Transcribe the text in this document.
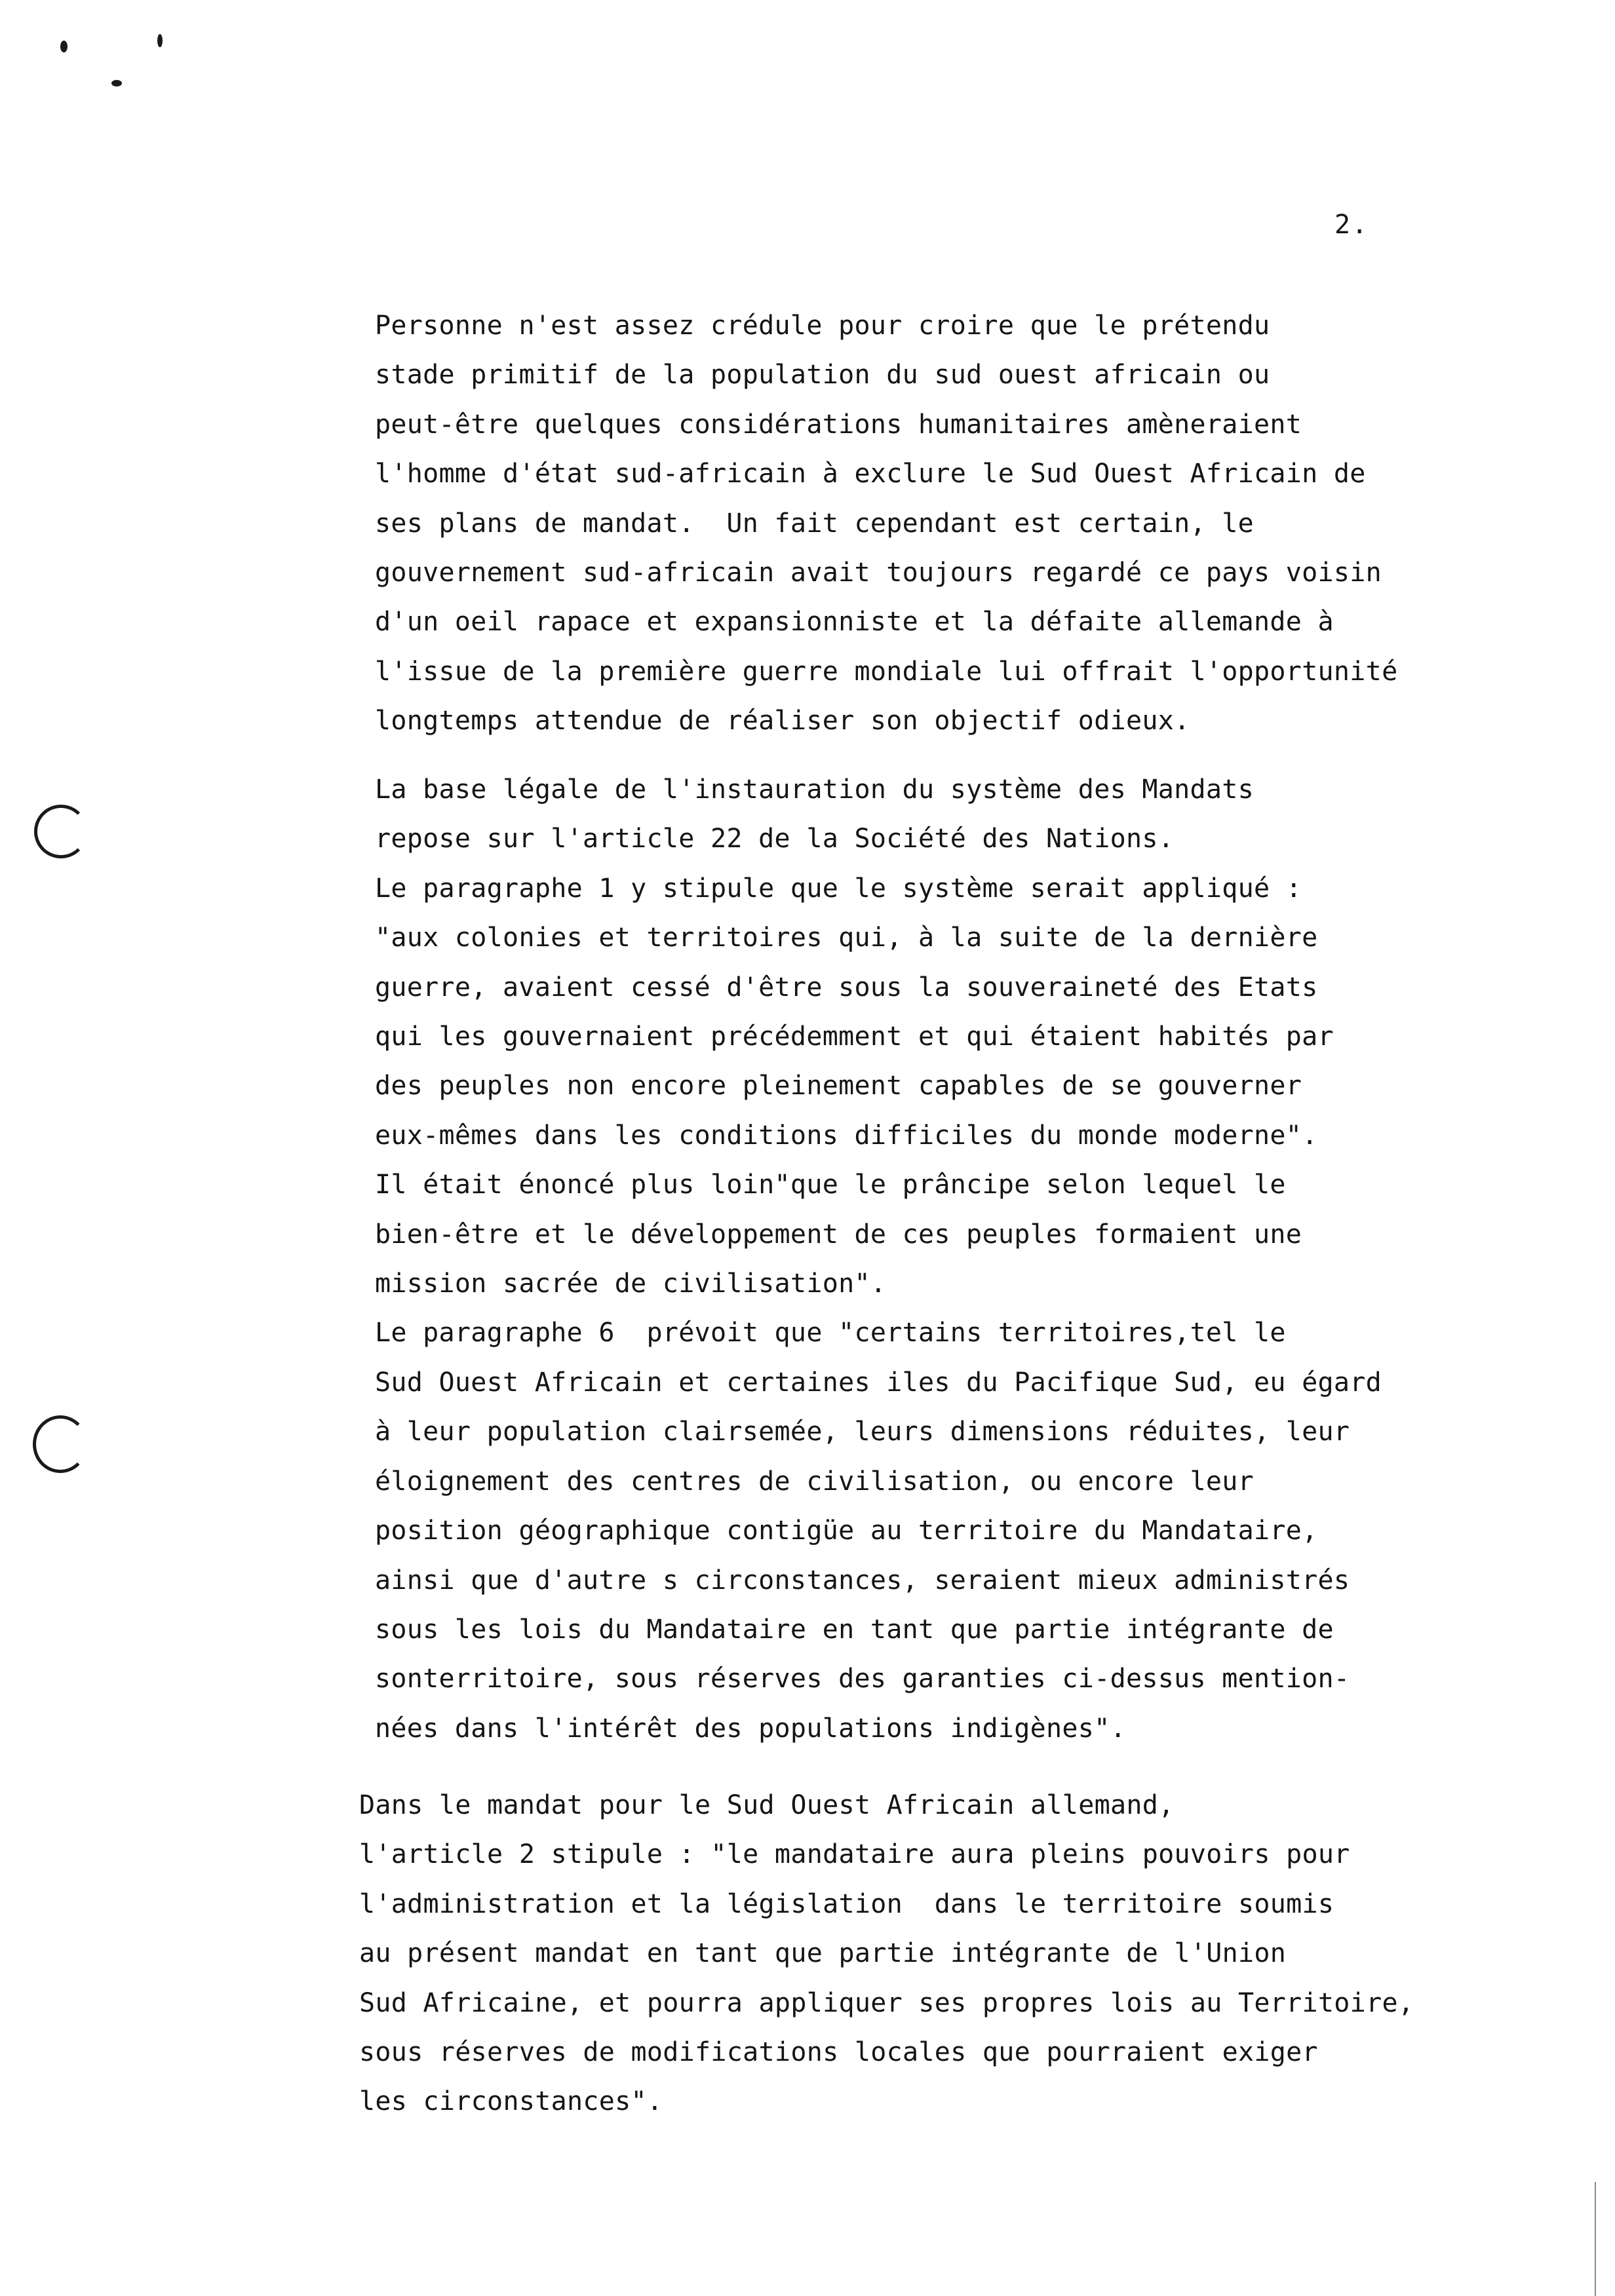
2.
Personne n'est assez crédule pour croire que le prétendu
stade primitif de la population du sud ouest africain ou
peut-être quelques considérations humanitaires amèneraient
l'homme d'état sud-africain à exclure le Sud Ouest Africain de
ses plans de mandat.  Un fait cependant est certain, le
gouvernement sud-africain avait toujours regardé ce pays voisin
d'un oeil rapace et expansionniste et la défaite allemande à
l'issue de la première guerre mondiale lui offrait l'opportunité
longtemps attendue de réaliser son objectif odieux.
La base légale de l'instauration du système des Mandats
repose sur l'article 22 de la Société des Nations.
Le paragraphe 1 y stipule que le système serait appliqué :
"aux colonies et territoires qui, à la suite de la dernière
guerre, avaient cessé d'être sous la souveraineté des Etats
qui les gouvernaient précédemment et qui étaient habités par
des peuples non encore pleinement capables de se gouverner
eux-mêmes dans les conditions difficiles du monde moderne".
Il était énoncé plus loin"que le prâncipe selon lequel le
bien-être et le développement de ces peuples formaient une
mission sacrée de civilisation".
Le paragraphe 6  prévoit que "certains territoires,tel le
Sud Ouest Africain et certaines iles du Pacifique Sud, eu égard
à leur population clairsemée, leurs dimensions réduites, leur
éloignement des centres de civilisation, ou encore leur
position géographique contigüe au territoire du Mandataire,
ainsi que d'autre s circonstances, seraient mieux administrés
sous les lois du Mandataire en tant que partie intégrante de
sonterritoire, sous réserves des garanties ci-dessus mention-
nées dans l'intérêt des populations indigènes".
Dans le mandat pour le Sud Ouest Africain allemand,
l'article 2 stipule : "le mandataire aura pleins pouvoirs pour
l'administration et la législation  dans le territoire soumis
au présent mandat en tant que partie intégrante de l'Union
Sud Africaine, et pourra appliquer ses propres lois au Territoire,
sous réserves de modifications locales que pourraient exiger
les circonstances".
